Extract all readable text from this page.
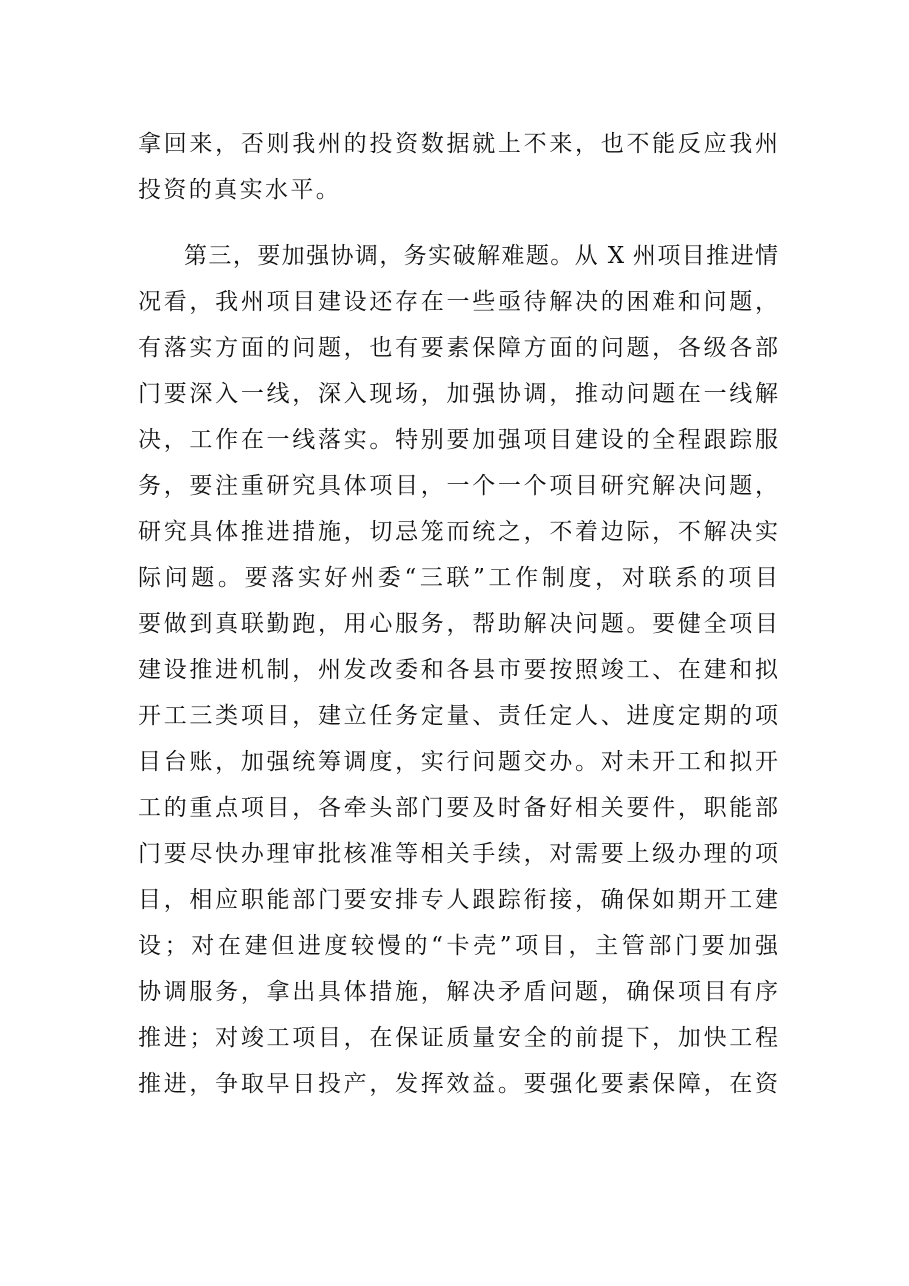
拿回来，否则我州的投资数据就上不来，也不能反应我州
投资的真实水平。
第三，要加强协调，务实破解难题。从 X 州项目推进情
况看，我州项目建设还存在一些亟待解决的困难和问题，
有落实方面的问题，也有要素保障方面的问题，各级各部
门要深入一线，深入现场，加强协调，推动问题在一线解
决，工作在一线落实。特别要加强项目建设的全程跟踪服
务，要注重研究具体项目，一个一个项目研究解决问题，
研究具体推进措施，切忌笼而统之，不着边际，不解决实
际问题。要落实好州委“三联”工作制度，对联系的项目
要做到真联勤跑，用心服务，帮助解决问题。要健全项目
建设推进机制，州发改委和各县市要按照竣工、在建和拟
开工三类项目，建立任务定量、责任定人、进度定期的项
目台账，加强统筹调度，实行问题交办。对未开工和拟开
工的重点项目，各牵头部门要及时备好相关要件，职能部
门要尽快办理审批核准等相关手续，对需要上级办理的项
目，相应职能部门要安排专人跟踪衔接，确保如期开工建
设；对在建但进度较慢的“卡壳”项目，主管部门要加强
协调服务，拿出具体措施，解决矛盾问题，确保项目有序
推进；对竣工项目，在保证质量安全的前提下，加快工程
推进，争取早日投产，发挥效益。要强化要素保障，在资
